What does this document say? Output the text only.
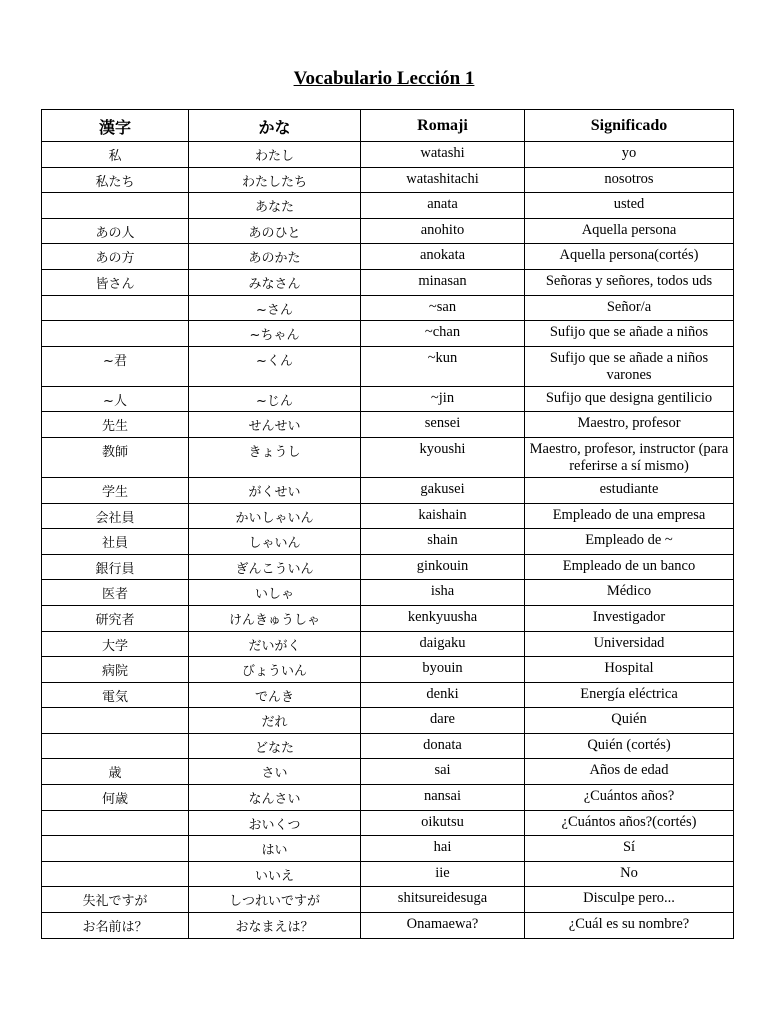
Vocabulario Lección 1
漢字	かな	Romaji	Significado
私	わたし	watashi	yo
私たち	わたしたち	watashitachi	nosotros
	あなた	anata	usted
あの人	あのひと	anohito	Aquella persona
あの方	あのかた	anokata	Aquella persona(cortés)
皆さん	みなさん	minasan	Señoras y señores, todos uds
	~さん	~san	Señor/a
	~ちゃん	~chan	Sufijo que se añade a niños
~君	~くん	~kun	Sufijo que se añade a niños varones
~人	~じん	~jin	Sufijo que designa gentilicio
先生	せんせい	sensei	Maestro, profesor
教師	きょうし	kyoushi	Maestro, profesor, instructor (para referirse a sí mismo)
学生	がくせい	gakusei	estudiante
会社員	かいしゃいん	kaishain	Empleado de una empresa
社員	しゃいん	shain	Empleado de ~
銀行員	ぎんこういん	ginkouin	Empleado de un banco
医者	いしゃ	isha	Médico
研究者	けんきゅうしゃ	kenkyuusha	Investigador
大学	だいがく	daigaku	Universidad
病院	びょういん	byouin	Hospital
電気	でんき	denki	Energía eléctrica
	だれ	dare	Quién
	どなた	donata	Quién (cortés)
歳	さい	sai	Años de edad
何歳	なんさい	nansai	¿Cuántos años?
	おいくつ	oikutsu	¿Cuántos años?(cortés)
	はい	hai	Sí
	いいえ	iie	No
失礼ですが	しつれいですが	shitsureidesuga	Disculpe pero...
お名前は？	おなまえは？	Onamaewa?	¿Cuál es su nombre?
